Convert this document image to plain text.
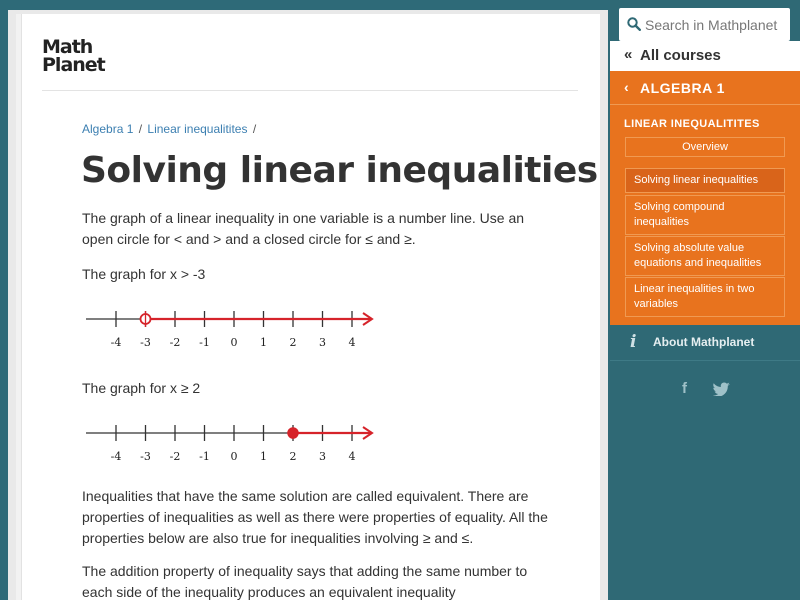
Math
Planet
Algebra 1 / Linear inequalitites /
Solving linear inequalities

The graph of a linear inequality in one variable is a number line. Use an open circle for < and > and a closed circle for ≤ and ≥.

The graph for x > -3

-4 -3 -2 -1 0 1 2 3 4

The graph for x ≥ 2

-4 -3 -2 -1 0 1 2 3 4

Inequalities that have the same solution are called equivalent. There are properties of inequalities as well as there were properties of equality. All the properties below are also true for inequalities involving ≥ and ≤.

The addition property of inequality says that adding the same number to each side of the inequality produces an equivalent inequality

Search in Mathplanet
« All courses
‹ ALGEBRA 1
LINEAR INEQUALITITES
Overview
Solving linear inequalities
Solving compound inequalities
Solving absolute value equations and inequalities
Linear inequalities in two variables
i About Mathplanet
f
